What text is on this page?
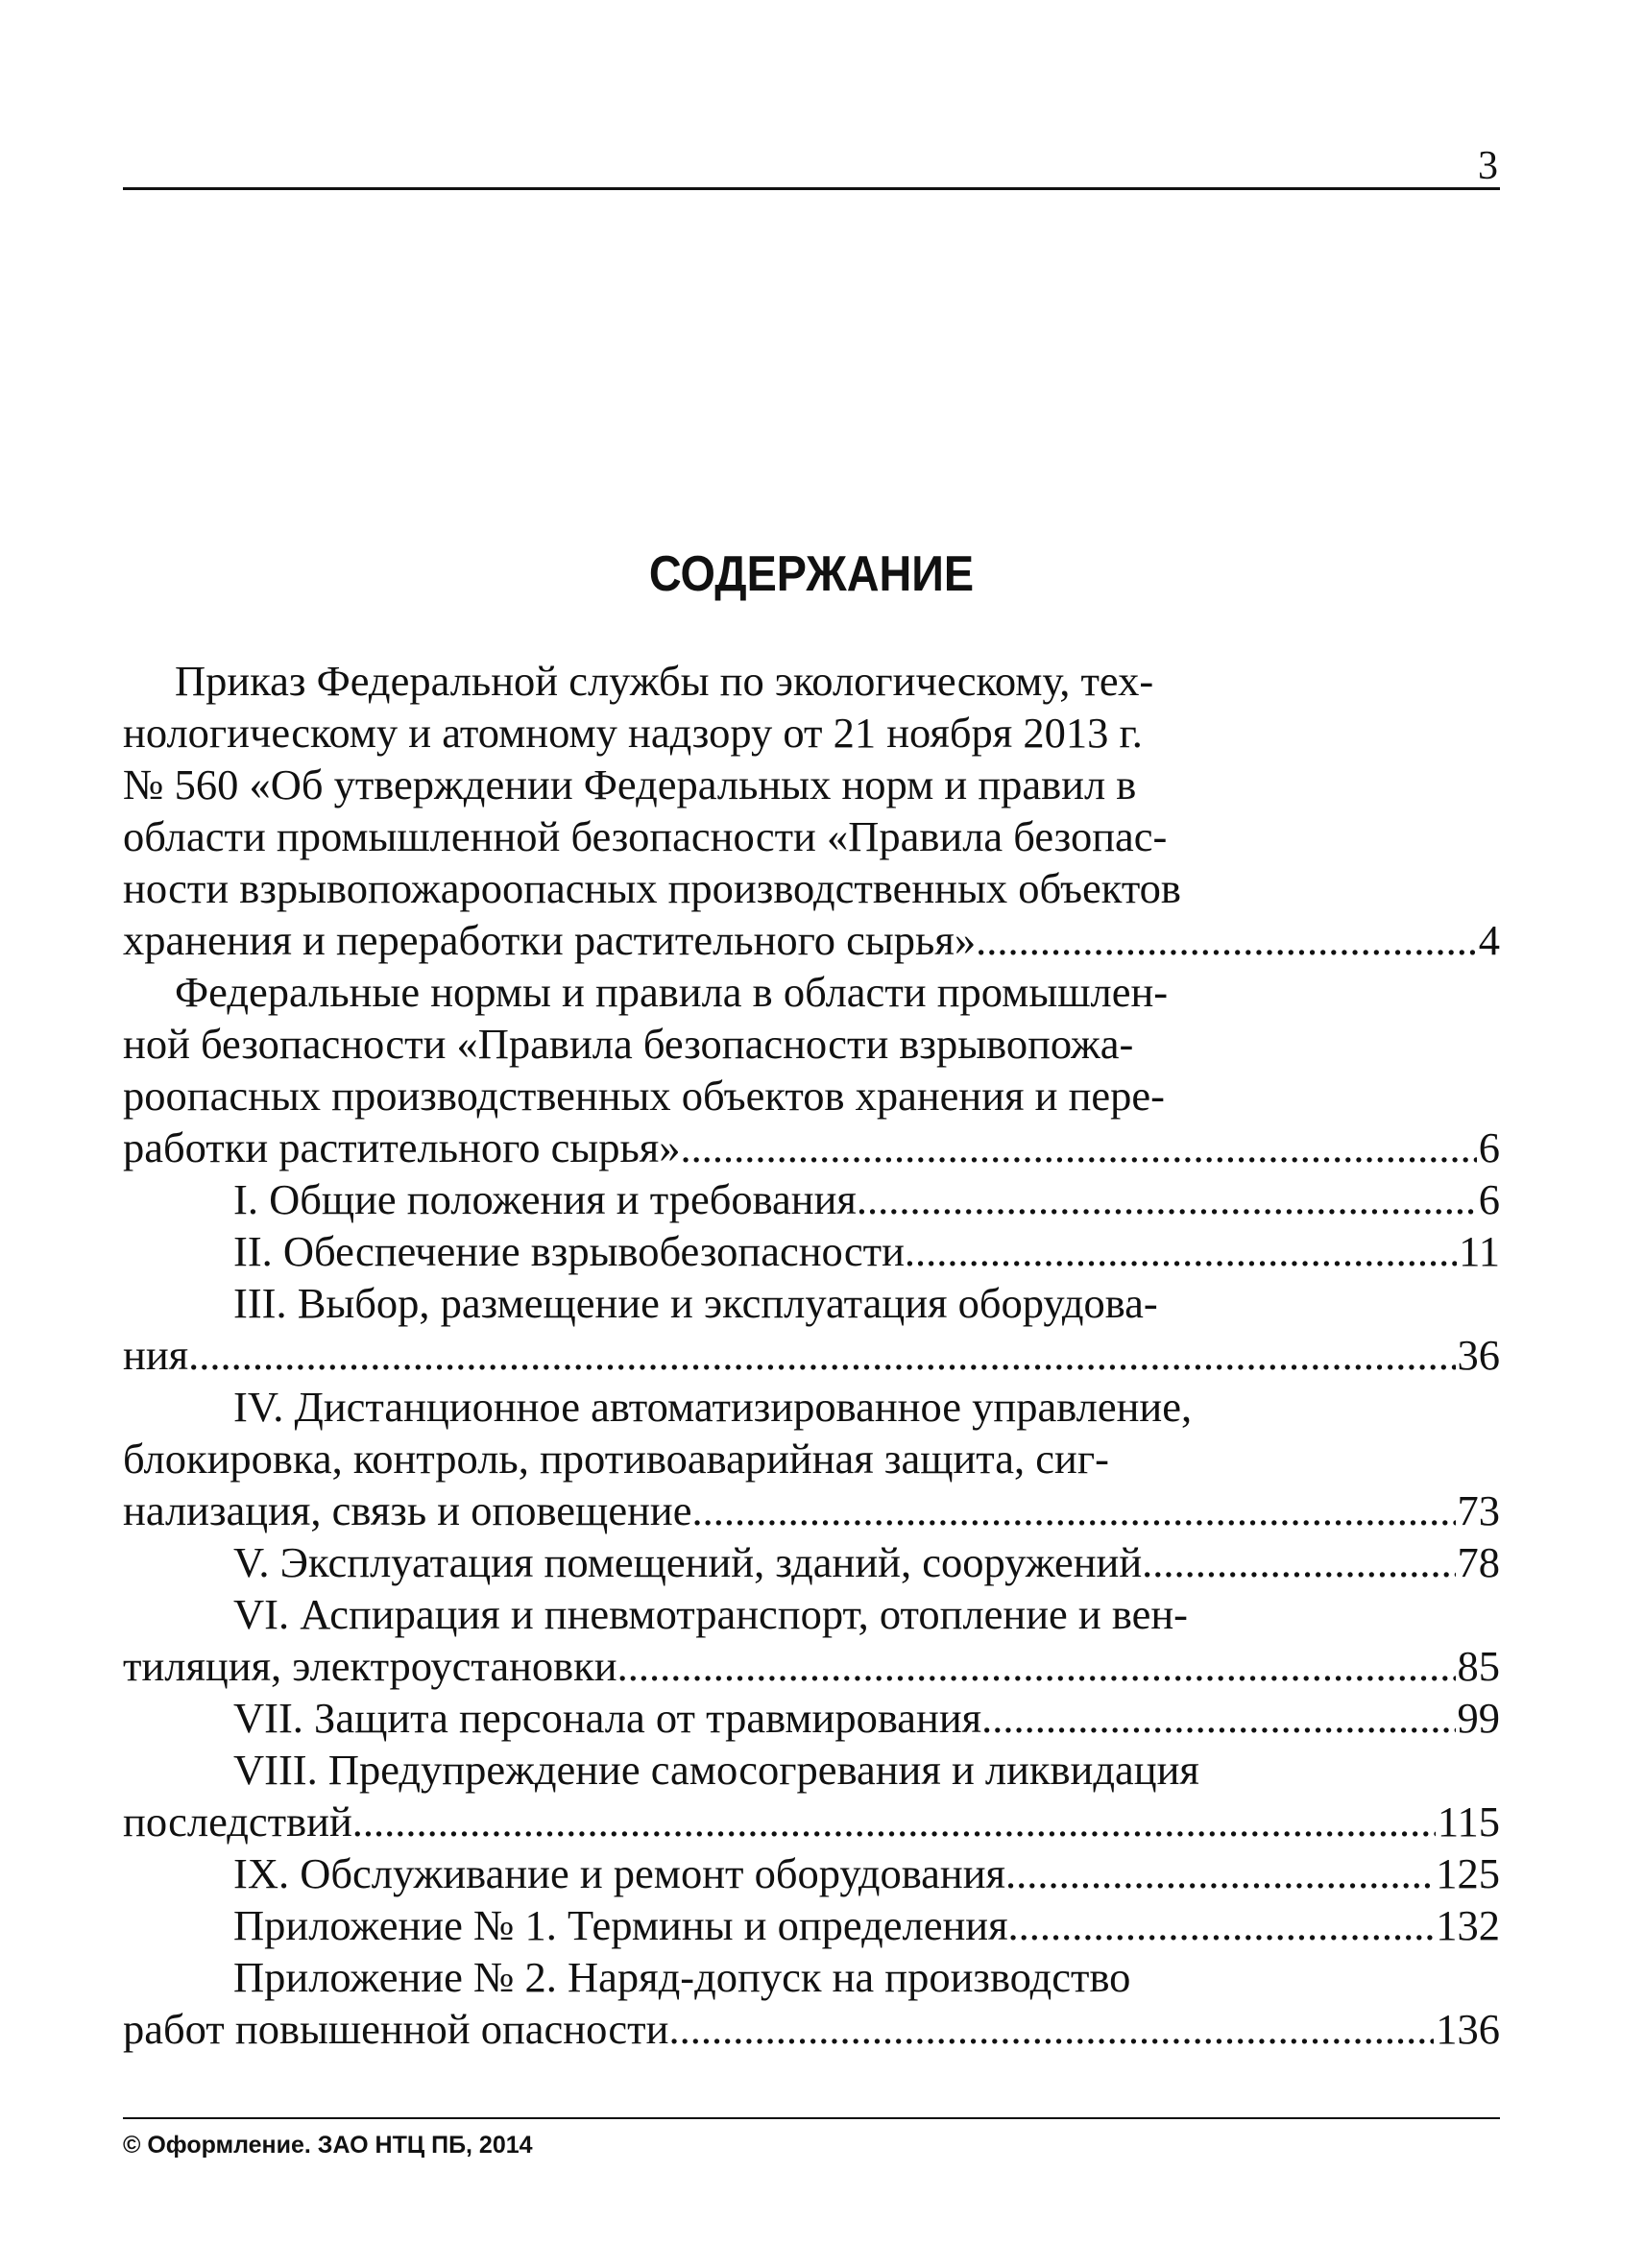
3
СОДЕРЖАНИЕ
Приказ Федеральной службы по экологическому, тех-
нологическому и атомному надзору от 21 ноября 2013 г.
№ 560 «Об утверждении Федеральных норм и правил в
области промышленной безопасности «Правила безопас-
ности взрывопожароопасных производственных объектов
хранения и переработки растительного сырья» .....	4
Федеральные нормы и правила в области промышлен-
ной безопасности «Правила безопасности взрывопожа-
роопасных производственных объектов хранения и пере-
работки растительного сырья» .....	6
I. Общие положения и требования .....	6
II. Обеспечение взрывобезопасности .....	11
III. Выбор, размещение и эксплуатация оборудова-
ния .....	36
IV. Дистанционное автоматизированное управление,
блокировка, контроль, противоаварийная защита, сиг-
нализация, связь и оповещение .....	73
V. Эксплуатация помещений, зданий, сооружений .....	78
VI. Аспирация и пневмотранспорт, отопление и вен-
тиляция, электроустановки .....	85
VII. Защита персонала от травмирования .....	99
VIII. Предупреждение самосогревания и ликвидация
последствий .....	115
IX. Обслуживание и ремонт оборудования .....	125
Приложение № 1. Термины и определения .....	132
Приложение № 2. Наряд-допуск на производство
работ повышенной опасности .....	136
© Оформление. ЗАО НТЦ ПБ, 2014
